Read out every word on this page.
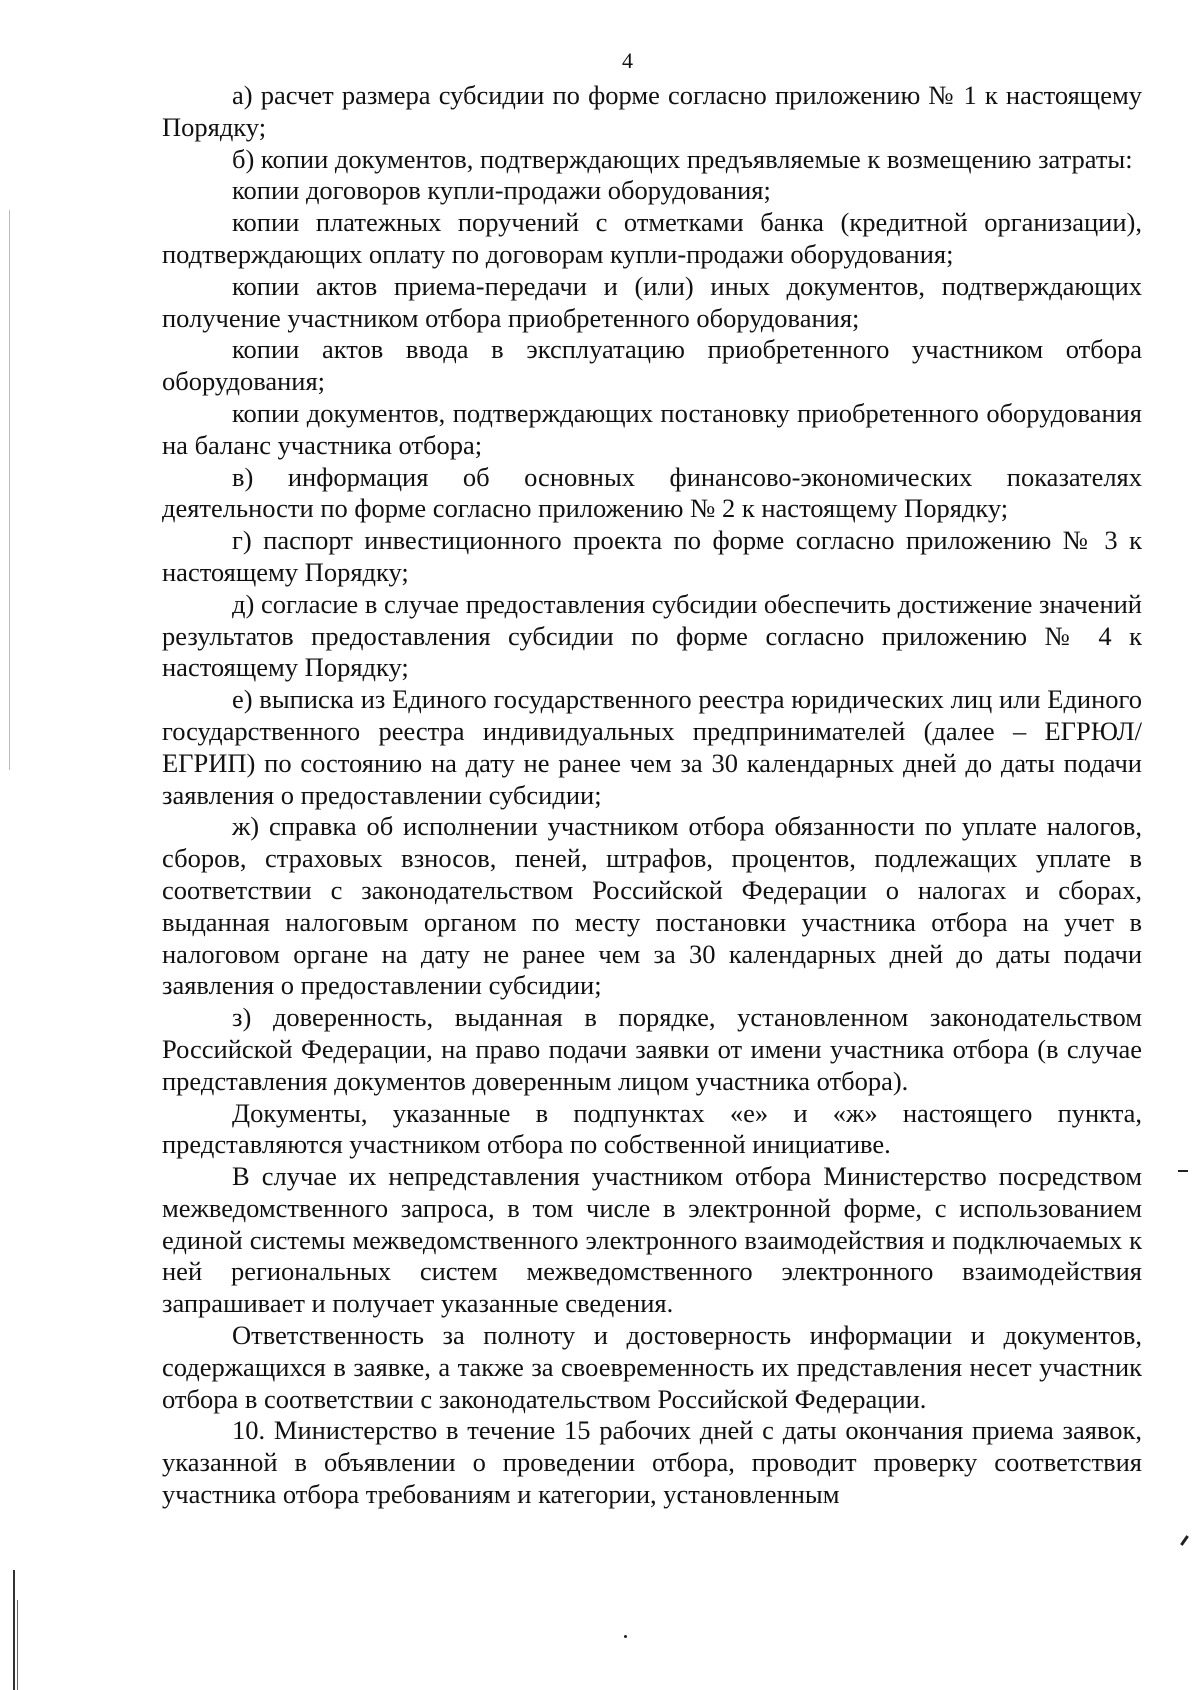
4

а) расчет размера субсидии по форме согласно приложению № 1 к настоящему Порядку;

б) копии документов, подтверждающих предъявляемые к возмещению затраты:

копии договоров купли-продажи оборудования;

копии платежных поручений с отметками банка (кредитной организации), подтверждающих оплату по договорам купли-продажи оборудования;

копии актов приема-передачи и (или) иных документов, подтверждающих получение участником отбора приобретенного оборудования;

копии актов ввода в эксплуатацию приобретенного участником отбора оборудования;

копии документов, подтверждающих постановку приобретенного оборудования на баланс участника отбора;

в) информация об основных финансово-экономических показателях деятельности по форме согласно приложению № 2 к настоящему Порядку;

г) паспорт инвестиционного проекта по форме согласно приложению № 3 к настоящему Порядку;

д) согласие в случае предоставления субсидии обеспечить достижение значений результатов предоставления субсидии по форме согласно приложению № 4 к настоящему Порядку;

е) выписка из Единого государственного реестра юридических лиц или Единого государственного реестра индивидуальных предпринимателей (далее – ЕГРЮЛ/ЕГРИП) по состоянию на дату не ранее чем за 30 календарных дней до даты подачи заявления о предоставлении субсидии;

ж) справка об исполнении участником отбора обязанности по уплате налогов, сборов, страховых взносов, пеней, штрафов, процентов, подлежащих уплате в соответствии с законодательством Российской Федерации о налогах и сборах, выданная налоговым органом по месту постановки участника отбора на учет в налоговом органе на дату не ранее чем за 30 календарных дней до даты подачи заявления о предоставлении субсидии;

з) доверенность, выданная в порядке, установленном законодательством Российской Федерации, на право подачи заявки от имени участника отбора (в случае представления документов доверенным лицом участника отбора).

Документы, указанные в подпунктах «е» и «ж» настоящего пункта, представляются участником отбора по собственной инициативе.

В случае их непредставления участником отбора Министерство посредством межведомственного запроса, в том числе в электронной форме, с использованием единой системы межведомственного электронного взаимодействия и подключаемых к ней региональных систем межведомственного электронного взаимодействия запрашивает и получает указанные сведения.

Ответственность за полноту и достоверность информации и документов, содержащихся в заявке, а также за своевременность их представления несет участник отбора в соответствии с законодательством Российской Федерации.

10. Министерство в течение 15 рабочих дней с даты окончания приема заявок, указанной в объявлении о проведении отбора, проводит проверку соответствия участника отбора требованиям и категории, установленным
